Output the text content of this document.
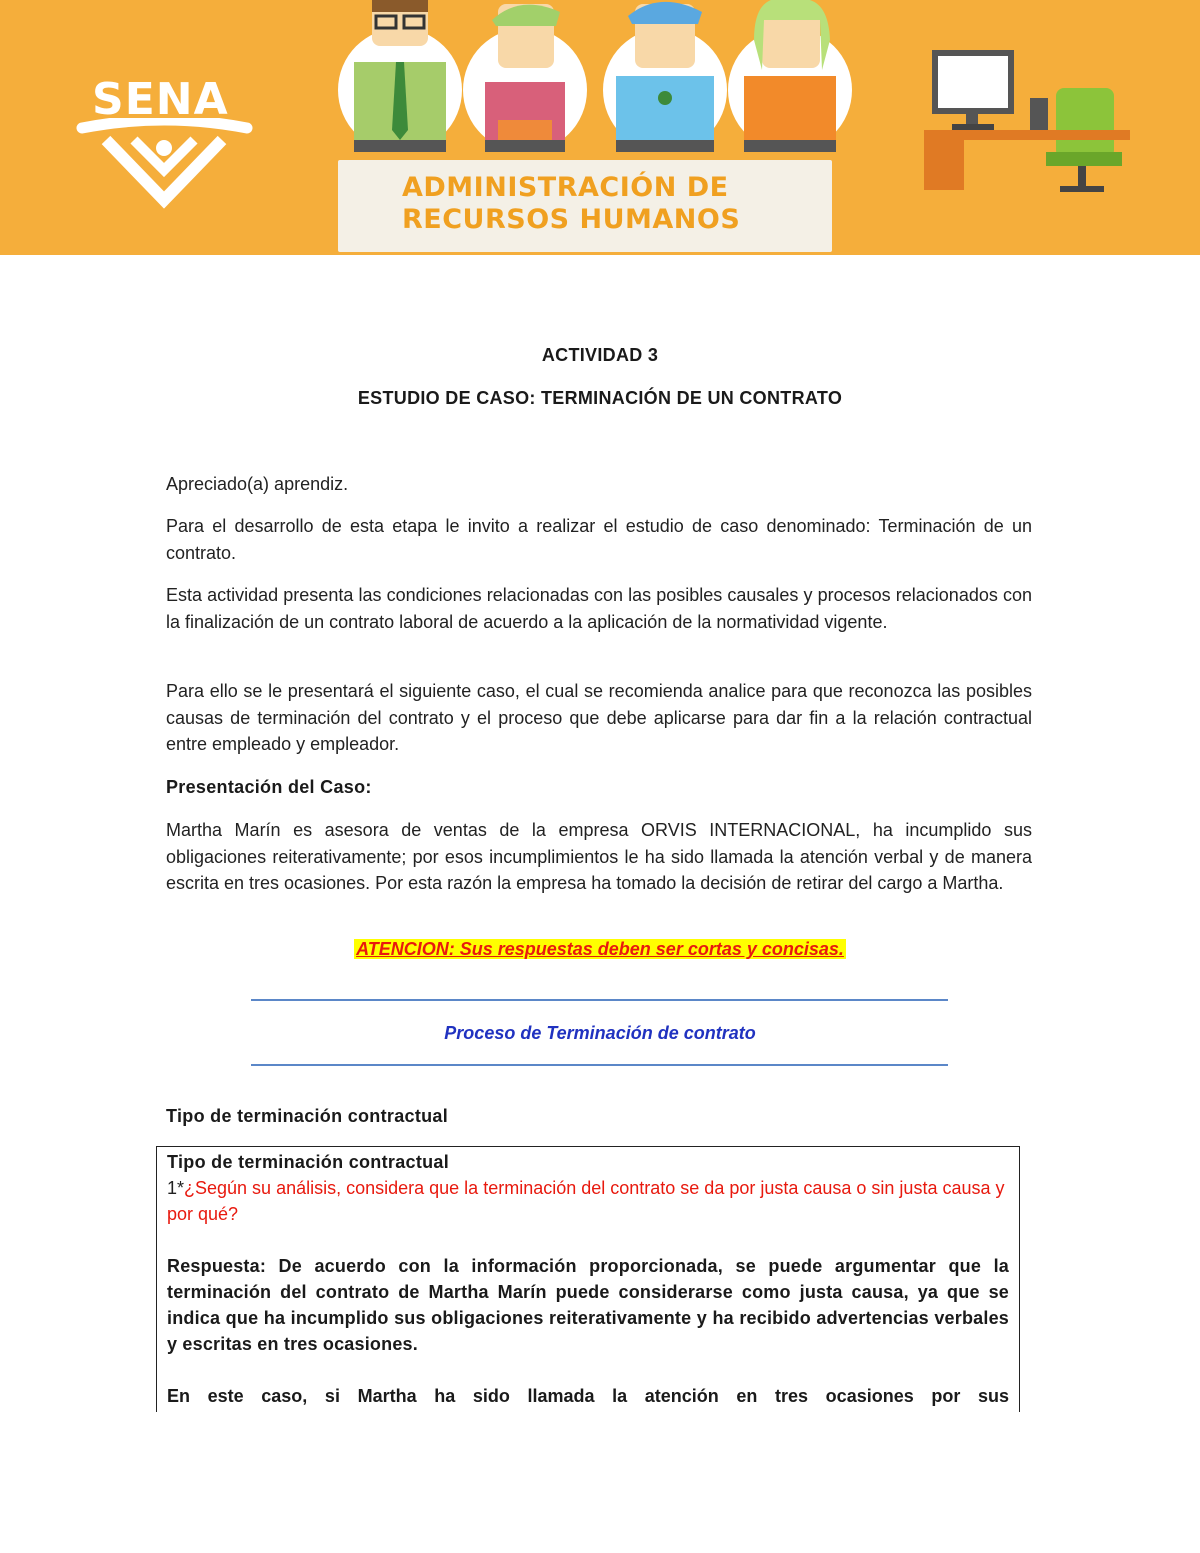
SENA
ADMINISTRACIÓN DE
RECURSOS HUMANOS
ACTIVIDAD 3
ESTUDIO DE CASO: TERMINACIÓN DE UN CONTRATO

Apreciado(a) aprendiz.

Para el desarrollo de esta etapa le invito a realizar el estudio de caso denominado: Terminación de un contrato.

Esta actividad presenta las condiciones relacionadas con las posibles causales y procesos relacionados con la finalización de un contrato laboral de acuerdo a la aplicación de la normatividad vigente.

Para ello se le presentará el siguiente caso, el cual se recomienda analice para que reconozca las posibles causas de terminación del contrato y el proceso que debe aplicarse para dar fin a la relación contractual entre empleado y empleador.

Presentación del Caso:

Martha Marín es asesora de ventas de la empresa ORVIS INTERNACIONAL, ha incumplido sus obligaciones reiterativamente; por esos incumplimientos le ha sido llamada la atención verbal y de manera escrita en tres ocasiones. Por esta razón la empresa ha tomado la decisión de retirar del cargo a Martha.

ATENCION: Sus respuestas deben ser cortas y concisas.
Proceso de Terminación de contrato
Tipo de terminación contractual
Tipo de terminación contractual

1*¿Según su análisis, considera que la terminación del contrato se da por justa causa o sin justa causa y por qué?

Respuesta: De acuerdo con la información proporcionada, se puede argumentar que la terminación del contrato de Martha Marín puede considerarse como justa causa, ya que se indica que ha incumplido sus obligaciones reiterativamente y ha recibido advertencias verbales y escritas en tres ocasiones.

En este caso, si Martha ha sido llamada la atención en tres ocasiones por sus
